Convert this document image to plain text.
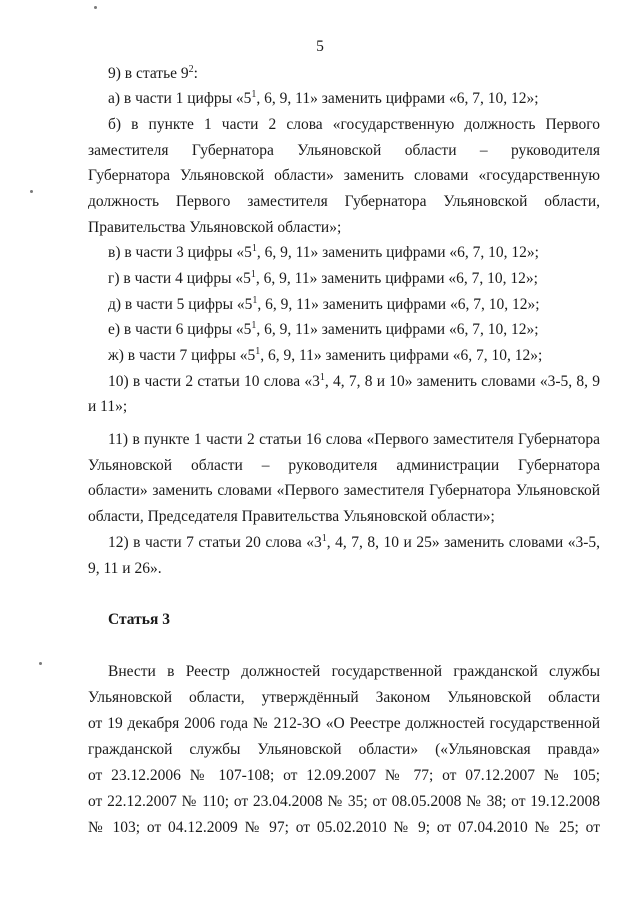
5
9) в статье $9^2$:
а) в части 1 цифры «$5^1$, 6, 9, 11» заменить цифрами «6, 7, 10, 12»;
б) в пункте 1 части 2 слова «государственную должность Первого
заместителя Губернатора Ульяновской области – руководителя
Губернатора Ульяновской области» заменить словами «государственную
должность Первого заместителя Губернатора Ульяновской области,
Правительства Ульяновской области»;
в) в части 3 цифры «$5^1$, 6, 9, 11» заменить цифрами «6, 7, 10, 12»;
г) в части 4 цифры «$5^1$, 6, 9, 11» заменить цифрами «6, 7, 10, 12»;
д) в части 5 цифры «$5^1$, 6, 9, 11» заменить цифрами «6, 7, 10, 12»;
е) в части 6 цифры «$5^1$, 6, 9, 11» заменить цифрами «6, 7, 10, 12»;
ж) в части 7 цифры «$5^1$, 6, 9, 11» заменить цифрами «6, 7, 10, 12»;
10) в части 2 статьи 10 слова «$3^1$, 4, 7, 8 и 10» заменить словами «3-5, 8, 9
и 11»;
11) в пункте 1 части 2 статьи 16 слова «Первого заместителя Губернатора
Ульяновской области – руководителя администрации Губернатора
области» заменить словами «Первого заместителя Губернатора Ульяновской
области, Председателя Правительства Ульяновской области»;
12) в части 7 статьи 20 слова «$3^1$, 4, 7, 8, 10 и 25» заменить словами «3-5,
9, 11 и 26».
Статья 3
Внести в Реестр должностей государственной гражданской службы
Ульяновской области, утверждённый Законом Ульяновской области
от 19 декабря 2006 года № 212-ЗО «О Реестре должностей государственной
гражданской службы Ульяновской области» («Ульяновская правда»
от 23.12.2006 № 107-108; от 12.09.2007 № 77; от 07.12.2007 № 105;
от 22.12.2007 № 110; от 23.04.2008 № 35; от 08.05.2008 № 38; от 19.12.2008
№ 103; от 04.12.2009 № 97; от 05.02.2010 № 9; от 07.04.2010 № 25; от
